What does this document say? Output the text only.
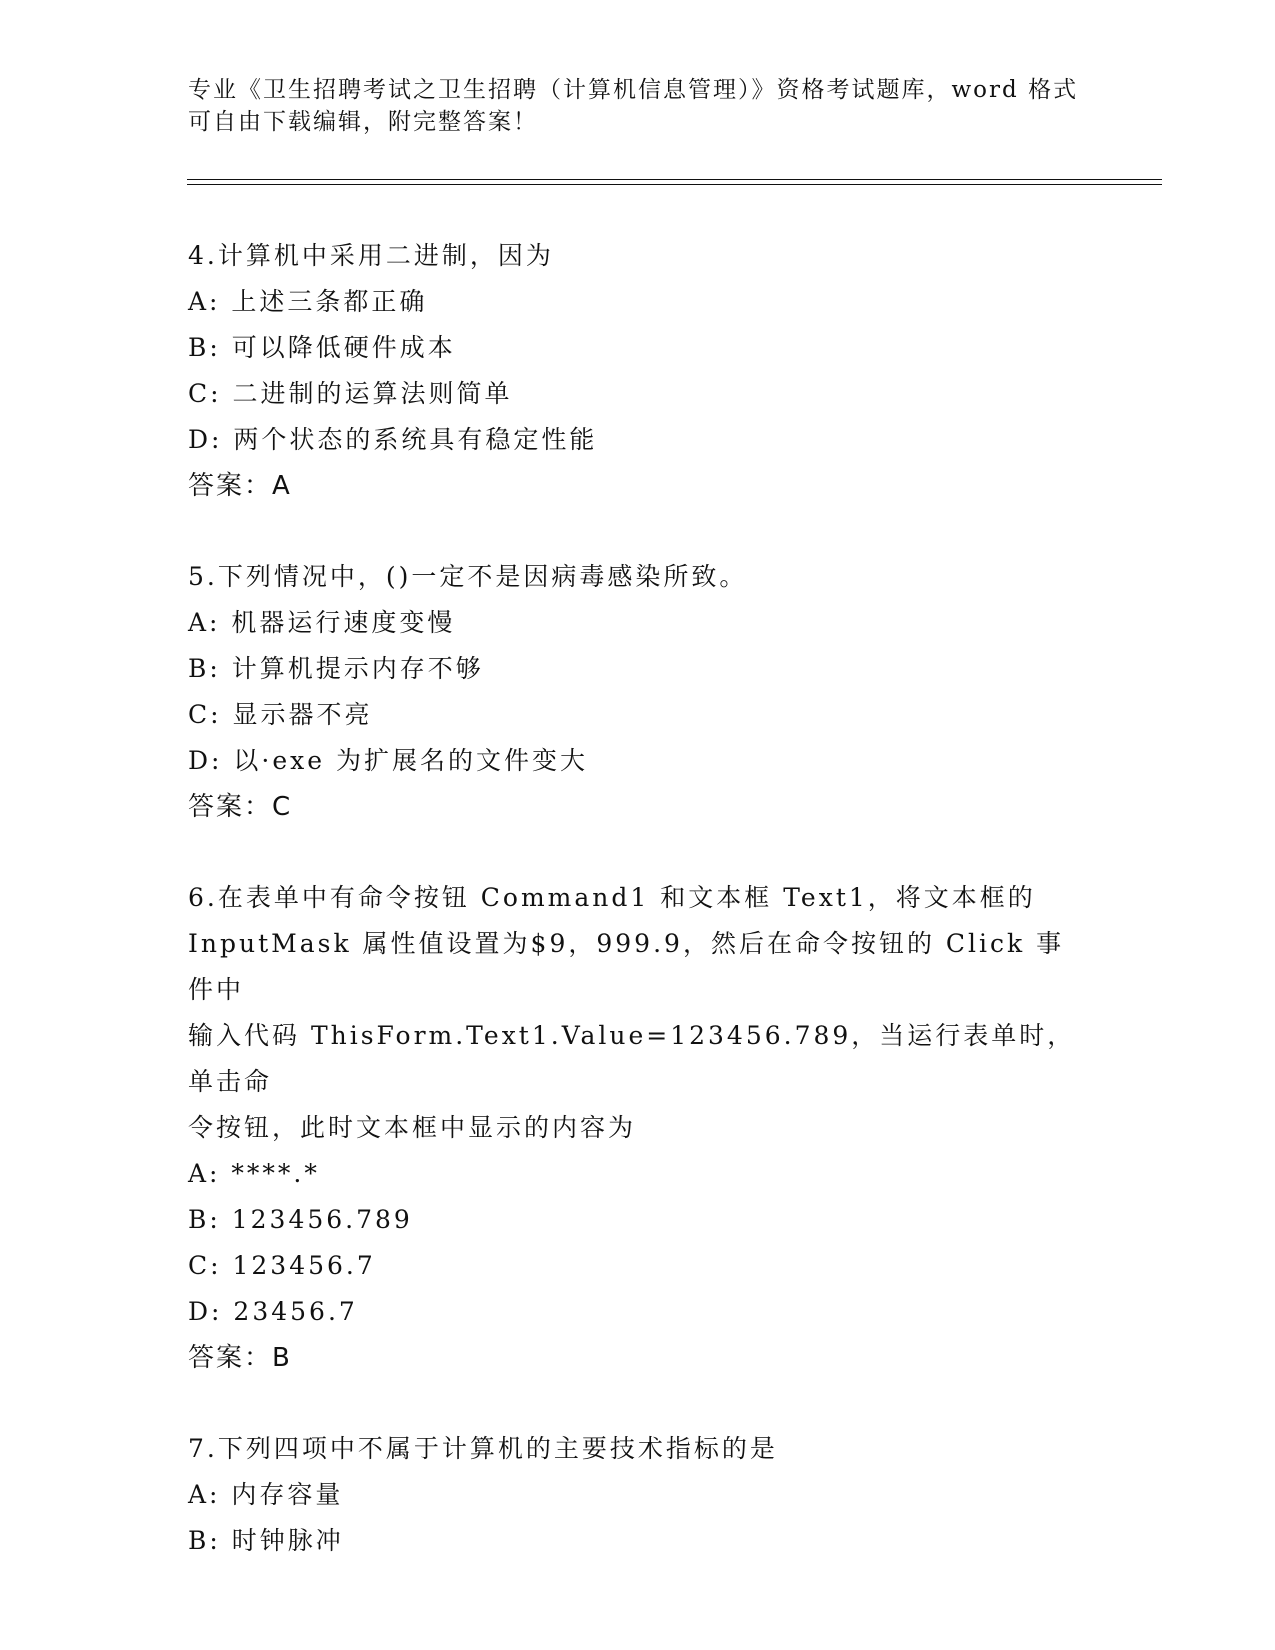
专业《卫生招聘考试之卫生招聘（计算机信息管理）》资格考试题库，word 格式
可自由下载编辑，附完整答案！
4.计算机中采用二进制，因为
A: 上述三条都正确
B: 可以降低硬件成本
C: 二进制的运算法则简单
D: 两个状态的系统具有稳定性能
答案：A
5.下列情况中，()一定不是因病毒感染所致。
A: 机器运行速度变慢
B: 计算机提示内存不够
C: 显示器不亮
D: 以·exe 为扩展名的文件变大
答案：C
6.在表单中有命令按钮 Command1 和文本框 Text1，将文本框的
InputMask 属性值设置为$9，999.9，然后在命令按钮的 Click 事件中
输入代码 ThisForm.Text1.Value=123456.789，当运行表单时，单击命
令按钮，此时文本框中显示的内容为
A: ****.*
B: 123456.789
C: 123456.7
D: 23456.7
答案：B
7.下列四项中不属于计算机的主要技术指标的是
A: 内存容量
B: 时钟脉冲
